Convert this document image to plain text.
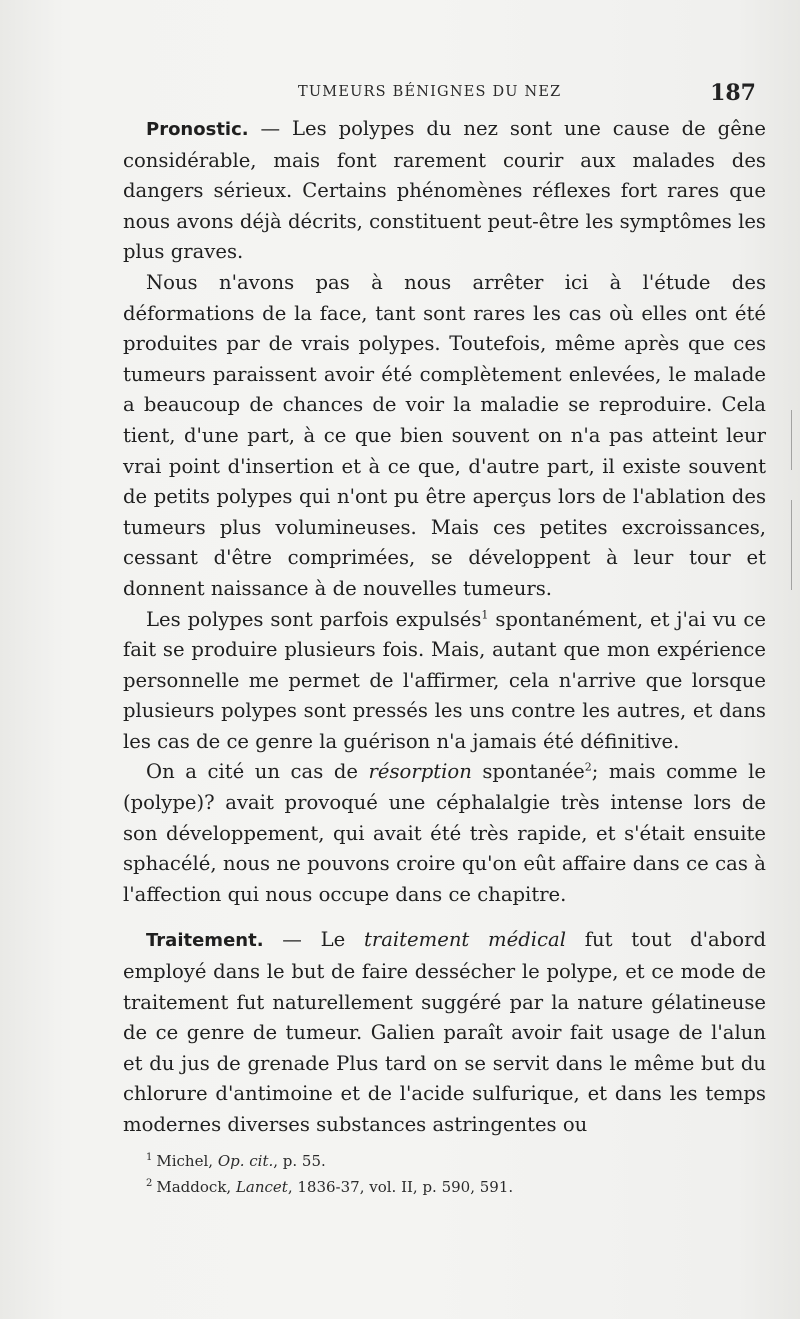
TUMEURS BÉNIGNES DU NEZ	187

Pronostic. — Les polypes du nez sont une cause de gêne considérable, mais font rarement courir aux malades des dangers sérieux. Certains phénomènes réflexes fort rares que nous avons déjà décrits, constituent peut-être les symptômes les plus graves.

Nous n'avons pas à nous arrêter ici à l'étude des déformations de la face, tant sont rares les cas où elles ont été produites par de vrais polypes. Toutefois, même après que ces tumeurs paraissent avoir été complètement enlevées, le malade a beaucoup de chances de voir la maladie se reproduire. Cela tient, d'une part, à ce que bien souvent on n'a pas atteint leur vrai point d'insertion et à ce que, d'autre part, il existe souvent de petits polypes qui n'ont pu être aperçus lors de l'ablation des tumeurs plus volumineuses. Mais ces petites excroissances, cessant d'être comprimées, se développent à leur tour et donnent naissance à de nouvelles tumeurs.

Les polypes sont parfois expulsés$^1$ spontanément, et j'ai vu ce fait se produire plusieurs fois. Mais, autant que mon expérience personnelle me permet de l'affirmer, cela n'arrive que lorsque plusieurs polypes sont pressés les uns contre les autres, et dans les cas de ce genre la guérison n'a jamais été définitive.

On a cité un cas de résorption spontanée$^2$; mais comme le (polype)? avait provoqué une céphalalgie très intense lors de son développement, qui avait été très rapide, et s'était ensuite sphacélé, nous ne pouvons croire qu'on eût affaire dans ce cas à l'affection qui nous occupe dans ce chapitre.

Traitement. — Le traitement médical fut tout d'abord employé dans le but de faire dessécher le polype, et ce mode de traitement fut naturellement suggéré par la nature gélatineuse de ce genre de tumeur. Galien paraît avoir fait usage de l'alun et du jus de grenade Plus tard on se servit dans le même but du chlorure d'antimoine et de l'acide sulfurique, et dans les temps modernes diverses substances astringentes ou

$^1$ Michel, Op. cit., p. 55.

$^2$ Maddock, Lancet, 1836-37, vol. II, p. 590, 591.
